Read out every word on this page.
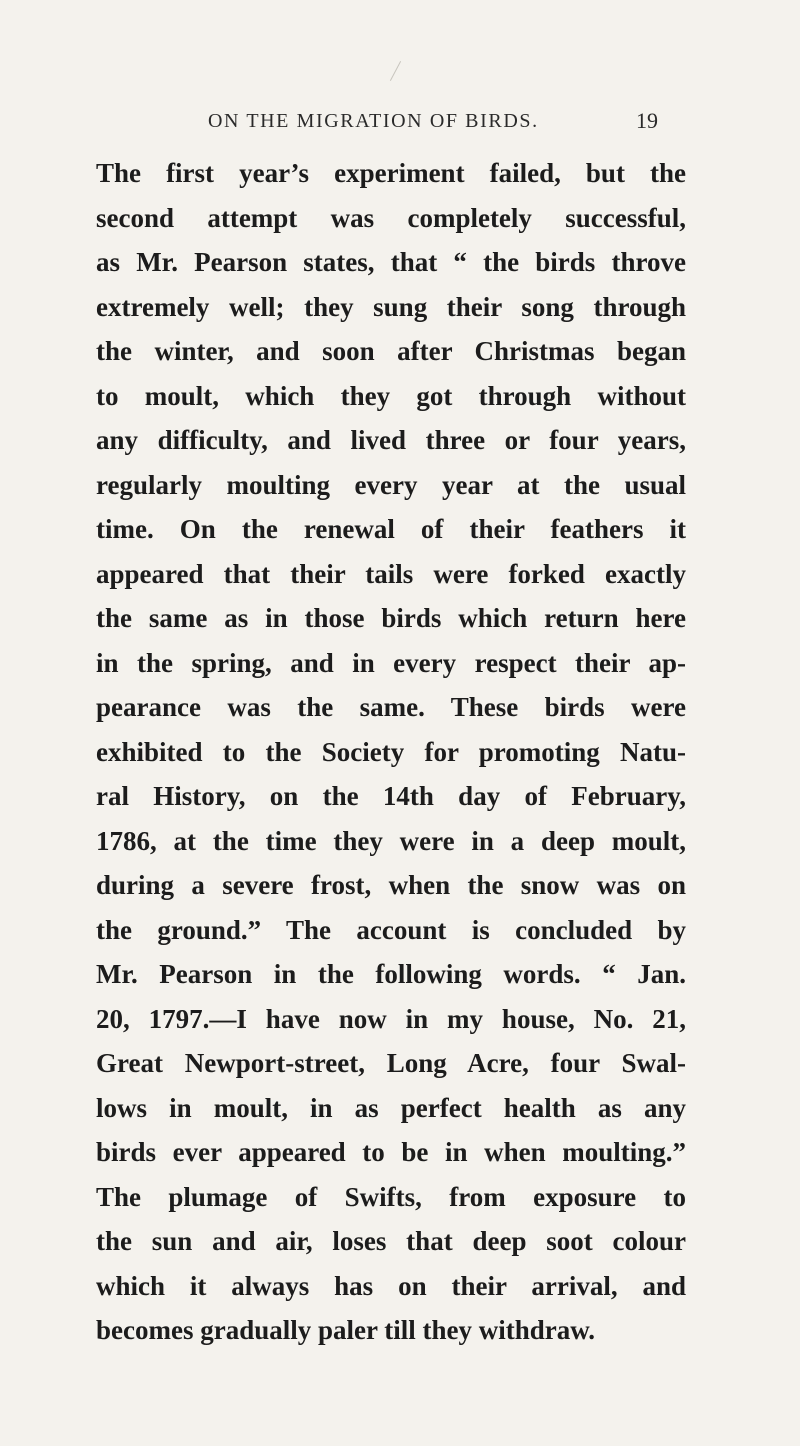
ON THE MIGRATION OF BIRDS.	19
The first year’s experiment failed, but the
second attempt was completely successful,
as Mr. Pearson states, that “ the birds throve
extremely well; they sung their song through
the winter, and soon after Christmas began
to moult, which they got through without
any difficulty, and lived three or four years,
regularly moulting every year at the usual
time. On the renewal of their feathers it
appeared that their tails were forked exactly
the same as in those birds which return here
in the spring, and in every respect their ap-
pearance was the same. These birds were
exhibited to the Society for promoting Natu-
ral History, on the 14th day of February,
1786, at the time they were in a deep moult,
during a severe frost, when the snow was on
the ground.” The account is concluded by
Mr. Pearson in the following words. “ Jan.
20, 1797.—I have now in my house, No. 21,
Great Newport-street, Long Acre, four Swal-
lows in moult, in as perfect health as any
birds ever appeared to be in when moulting.”
The plumage of Swifts, from exposure to
the sun and air, loses that deep soot colour
which it always has on their arrival, and
becomes gradually paler till they withdraw.
